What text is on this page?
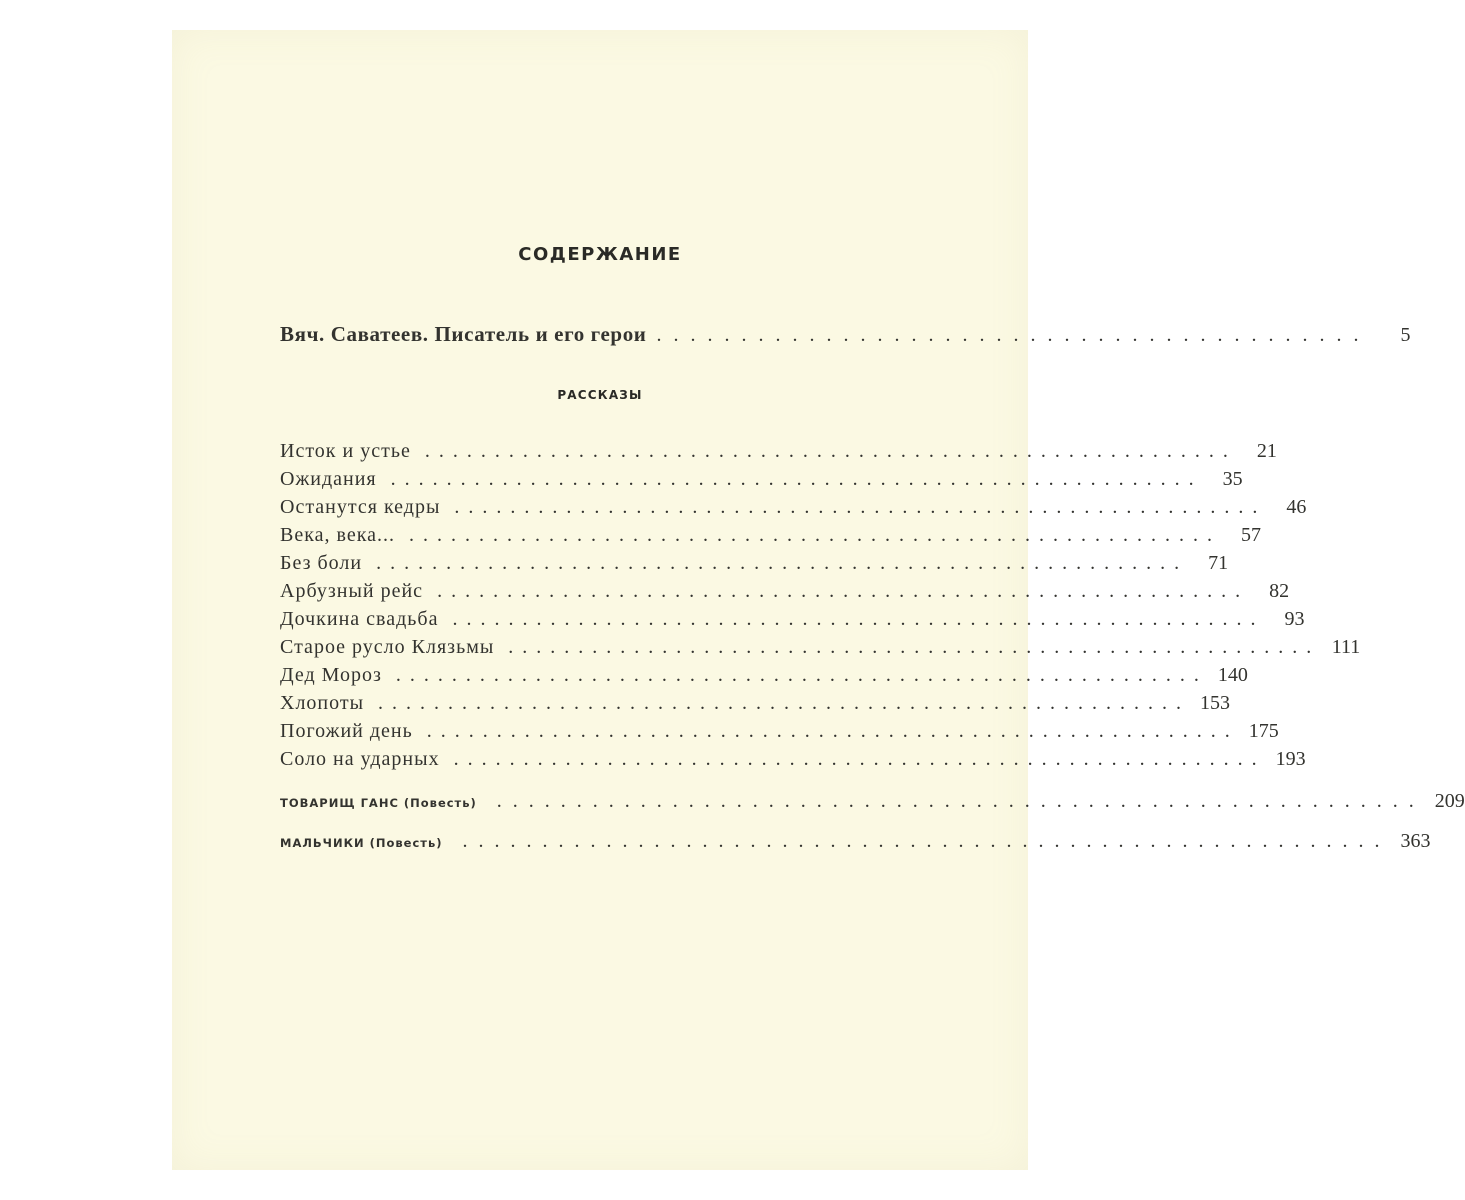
СОДЕРЖАНИЕ
Вяч. Саватеев. Писатель и его герои ..........................................	5
РАССКАЗЫ
Исток и устье ..........................................................	21
Ожидания ..........................................................	35
Останутся кедры ..........................................................	46
Века, века... ..........................................................	57
Без боли ..........................................................	71
Арбузный рейс ..........................................................	82
Дочкина свадьба ..........................................................	93
Старое русло Клязьмы .......................................................... 111
Дед Мороз .......................................................... 140
Хлопоты .......................................................... 153
Погожий день .......................................................... 175
Соло на ударных .......................................................... 193
ТОВАРИЩ ГАНС (Повесть) .......................................................... 209
МАЛЬЧИКИ (Повесть) .......................................................... 363
